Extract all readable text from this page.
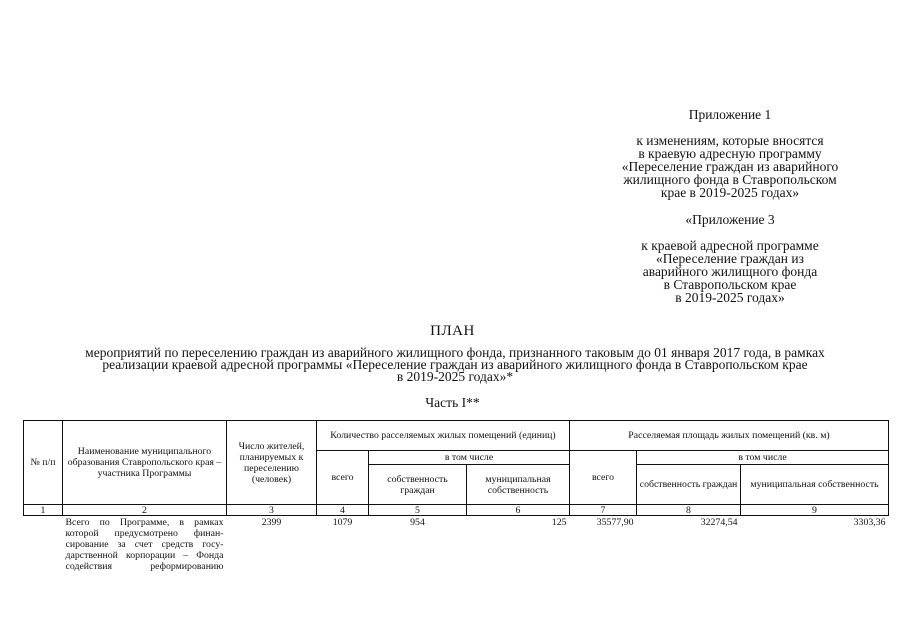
Приложение 1
к изменениям, которые вносятся
в краевую адресную программу
«Переселение граждан из аварийного
жилищного фонда в Ставропольском
крае в 2019-2025 годах»
«Приложение 3
к краевой адресной программе
«Переселение граждан из
аварийного жилищного фонда
в Ставропольском крае
в 2019-2025 годах»
ПЛАН
мероприятий по переселению граждан из аварийного жилищного фонда, признанного таковым до 01 января 2017 года, в рамках
реализации краевой адресной программы «Переселение граждан из аварийного жилищного фонда в Ставропольском крае
в 2019-2025 годах»*
Часть I**
№ п/п	Наименование муниципального образования Ставропольского края – участника Программы	Число жителей, планируемых к переселению (человек)	Количество расселяемых жилых помещений (единиц)			Расселяемая площадь жилых помещений (кв. м)		
			всего	в том числе		всего	в том числе	
				собственность граждан	муниципальная собственность		собственность граждан	муниципальная собственность
1	2	3	4	5	6	7	8	9

	Всего по Программе, в рамках
которой предусмотрено финан-
сирование за счет средств госу-
дарственной корпорации – Фонда
содействия реформированию	2399	1079	954	125	35577,90	32274,54	3303,36
